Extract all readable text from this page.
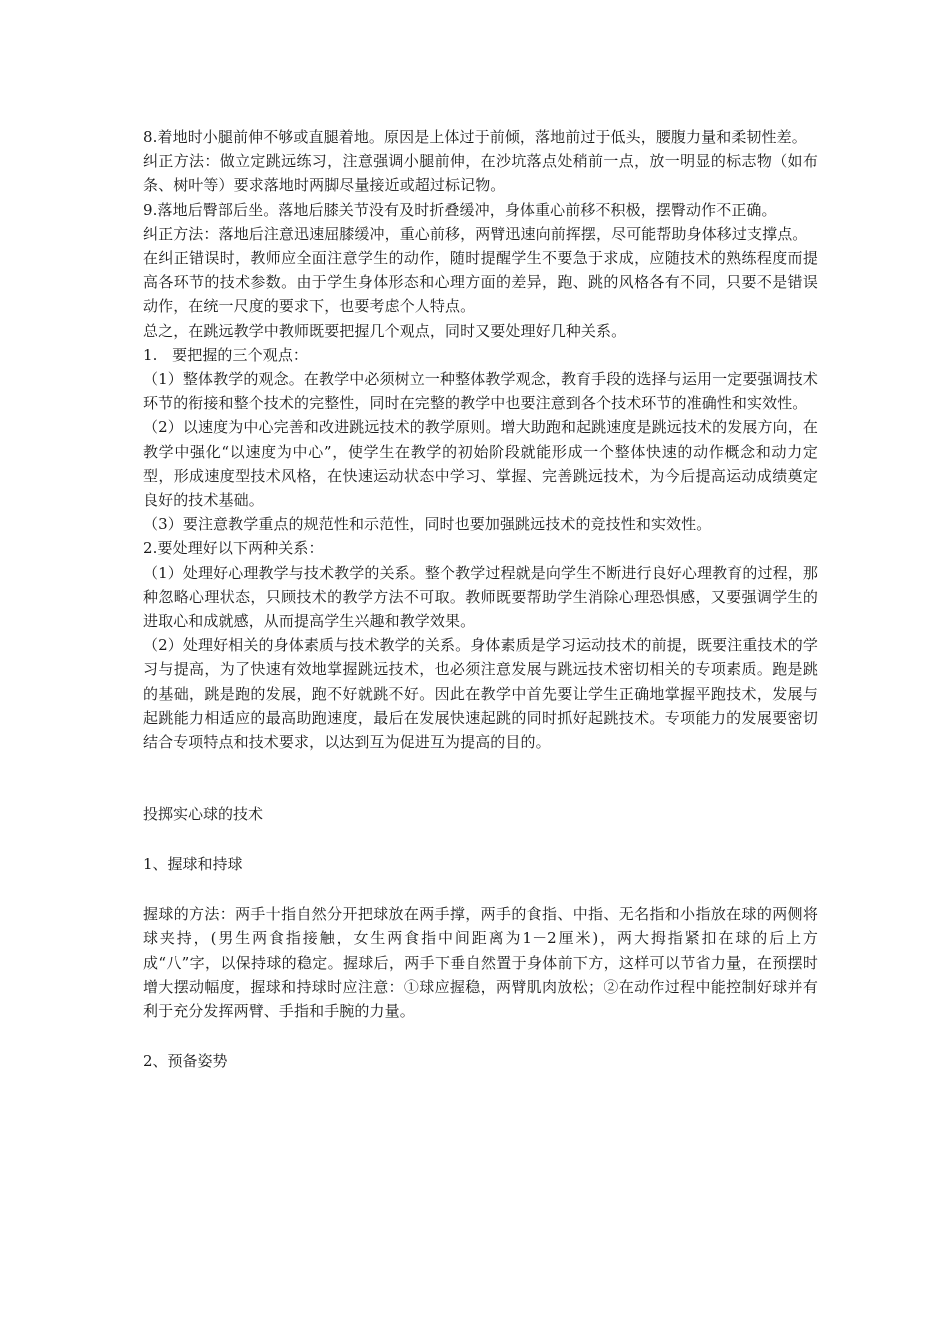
8.着地时小腿前伸不够或直腿着地。原因是上体过于前倾，落地前过于低头，腰腹力量和柔韧性差。

纠正方法：做立定跳远练习，注意强调小腿前伸，在沙坑落点处稍前一点，放一明显的标志物（如布条、树叶等）要求落地时两脚尽量接近或超过标记物。

9.落地后臀部后坐。落地后膝关节没有及时折叠缓冲，身体重心前移不积极，摆臀动作不正确。

纠正方法：落地后注意迅速屈膝缓冲，重心前移，两臂迅速向前挥摆，尽可能帮助身体移过支撑点。

在纠正错误时，教师应全面注意学生的动作，随时提醒学生不要急于求成，应随技术的熟练程度而提高各环节的技术参数。由于学生身体形态和心理方面的差异，跑、跳的风格各有不同，只要不是错误动作，在统一尺度的要求下，也要考虑个人特点。

总之，在跳远教学中教师既要把握几个观点，同时又要处理好几种关系。

1.   要把握的三个观点：

（1）整体教学的观念。在教学中必须树立一种整体教学观念，教育手段的选择与运用一定要强调技术环节的衔接和整个技术的完整性，同时在完整的教学中也要注意到各个技术环节的准确性和实效性。

（2）以速度为中心完善和改进跳远技术的教学原则。增大助跑和起跳速度是跳远技术的发展方向，在教学中强化“以速度为中心”，使学生在教学的初始阶段就能形成一个整体快速的动作概念和动力定型，形成速度型技术风格，在快速运动状态中学习、掌握、完善跳远技术，为今后提高运动成绩奠定良好的技术基础。

（3）要注意教学重点的规范性和示范性，同时也要加强跳远技术的竞技性和实效性。

2.要处理好以下两种关系：

（1）处理好心理教学与技术教学的关系。整个教学过程就是向学生不断进行良好心理教育的过程，那种忽略心理状态，只顾技术的教学方法不可取。教师既要帮助学生消除心理恐惧感，又要强调学生的进取心和成就感，从而提高学生兴趣和教学效果。

（2）处理好相关的身体素质与技术教学的关系。身体素质是学习运动技术的前提，既要注重技术的学习与提高，为了快速有效地掌握跳远技术，也必须注意发展与跳远技术密切相关的专项素质。跑是跳的基础，跳是跑的发展，跑不好就跳不好。因此在教学中首先要让学生正确地掌握平跑技术，发展与起跳能力相适应的最高助跑速度，最后在发展快速起跳的同时抓好起跳技术。专项能力的发展要密切结合专项特点和技术要求，以达到互为促进互为提高的目的。

投掷实心球的技术

1、握球和持球

握球的方法：两手十指自然分开把球放在两手撑，两手的食指、中指、无名指和小指放在球的两侧将球夹持，(男生两食指接触，女生两食指中间距离为1－2厘米)，两大拇指紧扣在球的后上方成“八”字，以保持球的稳定。握球后，两手下垂自然置于身体前下方，这样可以节省力量，在预摆时增大摆动幅度，握球和持球时应注意：①球应握稳，两臂肌肉放松；②在动作过程中能控制好球并有利于充分发挥两臂、手指和手腕的力量。

2、预备姿势
